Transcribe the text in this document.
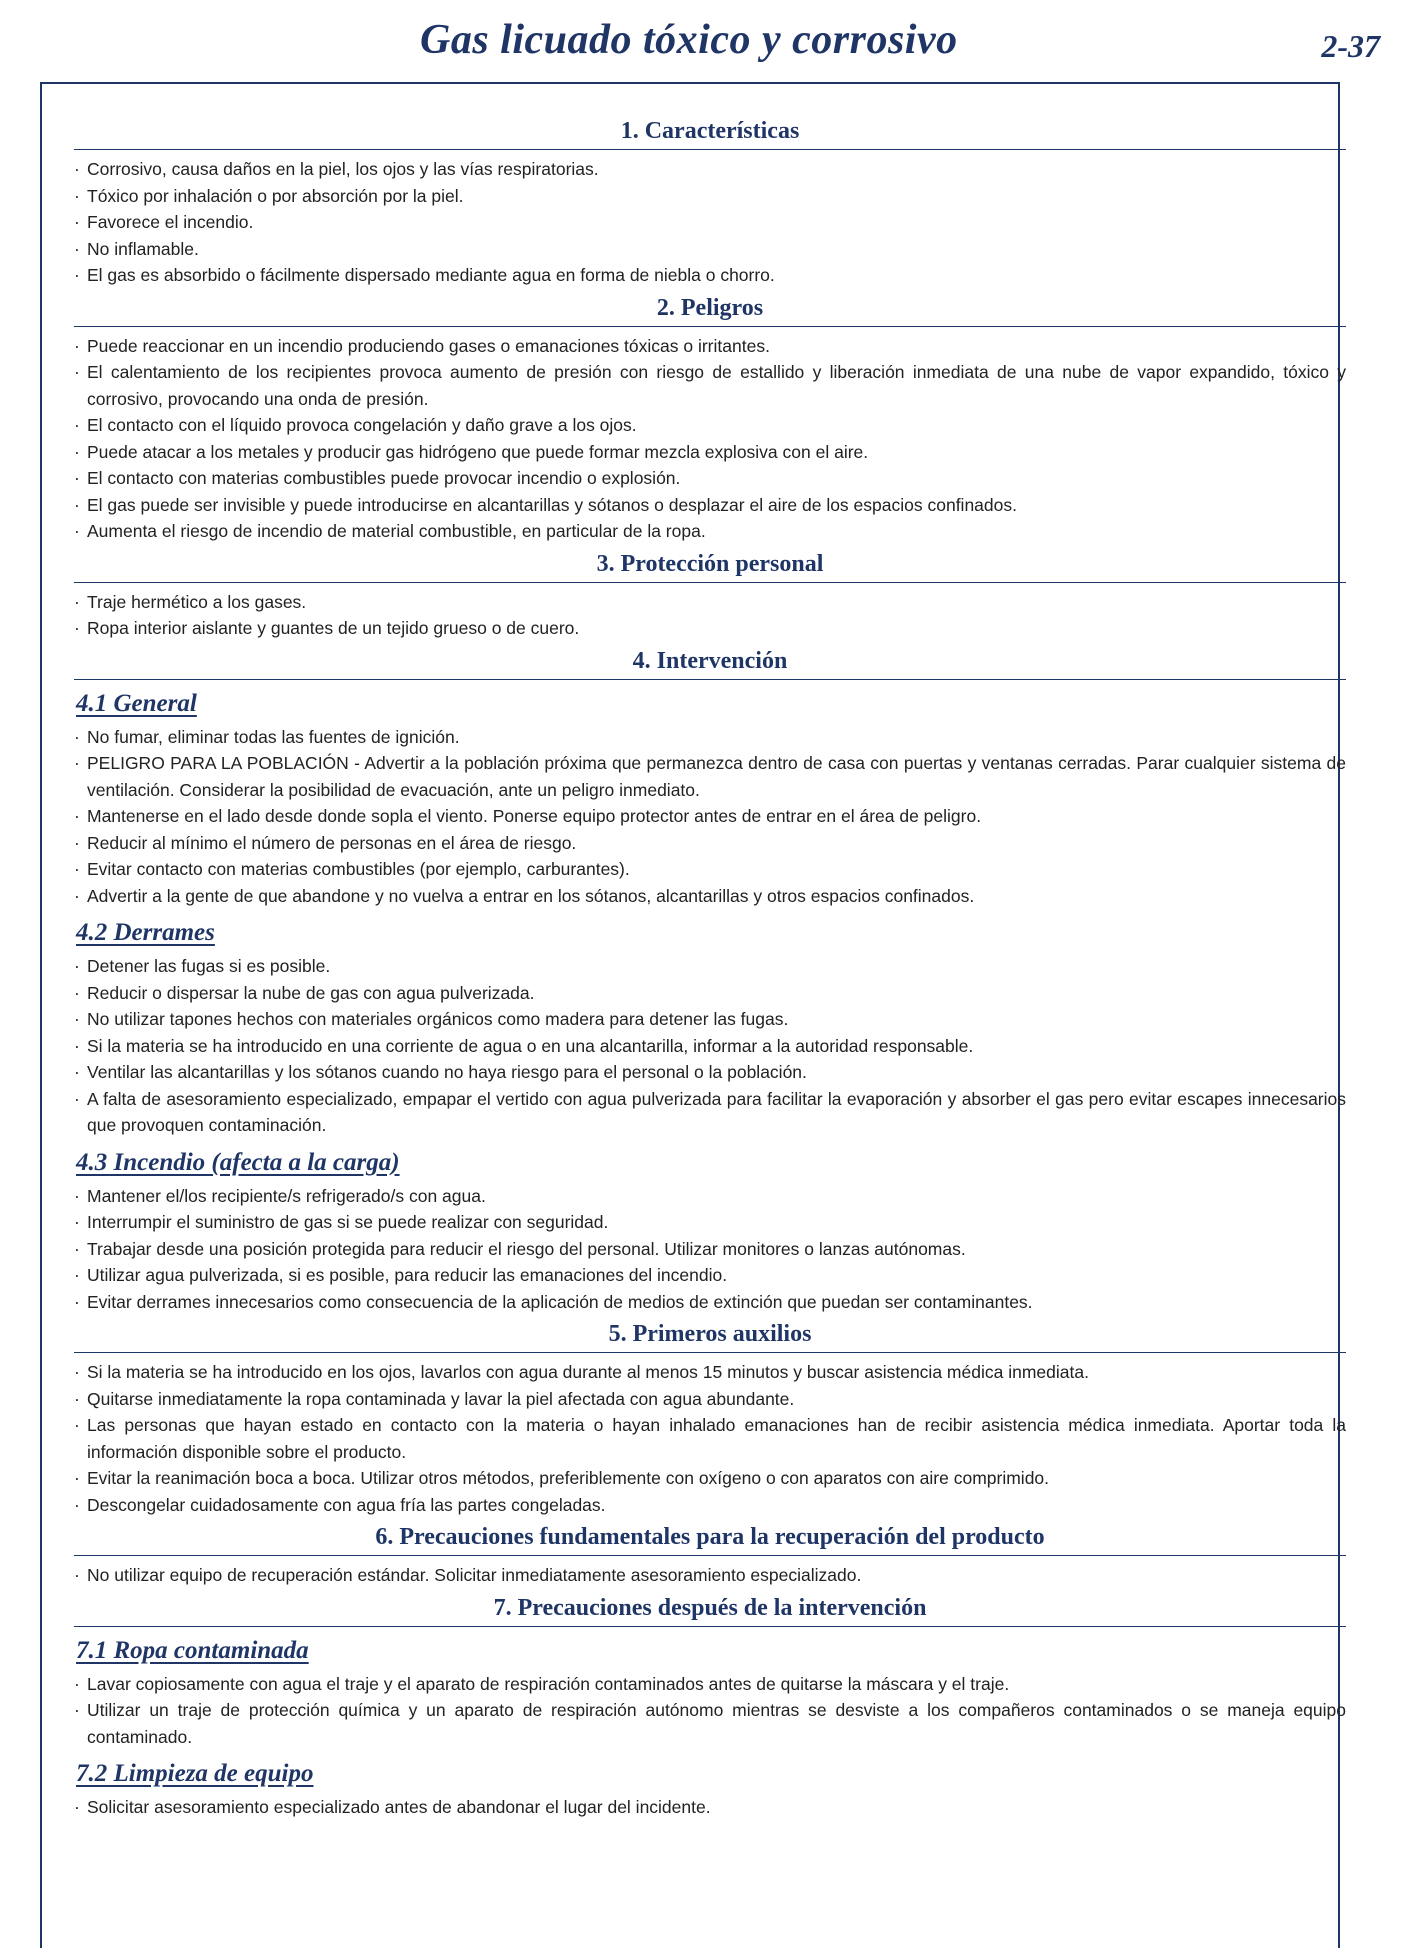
Gas licuado tóxico y corrosivo	2-37
1. Características
· Corrosivo, causa daños en la piel, los ojos y las vías respiratorias.
· Tóxico por inhalación o por absorción por la piel.
· Favorece el incendio.
· No inflamable.
· El gas es absorbido o fácilmente dispersado mediante agua en forma de niebla o chorro.
2. Peligros
· Puede reaccionar en un incendio produciendo gases o emanaciones tóxicas o irritantes.
· El calentamiento de los recipientes provoca aumento de presión con riesgo de estallido y liberación inmediata de una nube de vapor expandido, tóxico y corrosivo, provocando una onda de presión.
· El contacto con el líquido provoca congelación y daño grave a los ojos.
· Puede atacar a los metales y producir gas hidrógeno que puede formar mezcla explosiva con el aire.
· El contacto con materias combustibles puede provocar incendio o explosión.
· El gas puede ser invisible y puede introducirse en alcantarillas y sótanos o desplazar el aire de los espacios confinados.
· Aumenta el riesgo de incendio de material combustible, en particular de la ropa.
3. Protección personal
· Traje hermético a los gases.
· Ropa interior aislante y guantes de un tejido grueso o de cuero.
4. Intervención
4.1 General
· No fumar, eliminar todas las fuentes de ignición.
· PELIGRO PARA LA POBLACIÓN - Advertir a la población próxima que permanezca dentro de casa con puertas y ventanas cerradas. Parar cualquier sistema de ventilación. Considerar la posibilidad de evacuación, ante un peligro inmediato.
· Mantenerse en el lado desde donde sopla el viento. Ponerse equipo protector antes de entrar en el área de peligro.
· Reducir al mínimo el número de personas en el área de riesgo.
· Evitar contacto con materias combustibles (por ejemplo, carburantes).
· Advertir a la gente de que abandone y no vuelva a entrar en los sótanos, alcantarillas y otros espacios confinados.
4.2 Derrames
· Detener las fugas si es posible.
· Reducir o dispersar la nube de gas con agua pulverizada.
· No utilizar tapones hechos con materiales orgánicos como madera para detener las fugas.
· Si la materia se ha introducido en una corriente de agua o en una alcantarilla, informar a la autoridad responsable.
· Ventilar las alcantarillas y los sótanos cuando no haya riesgo para el personal o la población.
· A falta de asesoramiento especializado, empapar el vertido con agua pulverizada para facilitar la evaporación y absorber el gas pero evitar escapes innecesarios que provoquen contaminación.
4.3 Incendio (afecta a la carga)
· Mantener el/los recipiente/s refrigerado/s con agua.
· Interrumpir el suministro de gas si se puede realizar con seguridad.
· Trabajar desde una posición protegida para reducir el riesgo del personal. Utilizar monitores o lanzas autónomas.
· Utilizar agua pulverizada, si es posible, para reducir las emanaciones del incendio.
· Evitar derrames innecesarios como consecuencia de la aplicación de medios de extinción que puedan ser contaminantes.
5. Primeros auxilios
· Si la materia se ha introducido en los ojos, lavarlos con agua durante al menos 15 minutos y buscar asistencia médica inmediata.
· Quitarse inmediatamente la ropa contaminada y lavar la piel afectada con agua abundante.
· Las personas que hayan estado en contacto con la materia o hayan inhalado emanaciones han de recibir asistencia médica inmediata. Aportar toda la información disponible sobre el producto.
· Evitar la reanimación boca a boca. Utilizar otros métodos, preferiblemente con oxígeno o con aparatos con aire comprimido.
· Descongelar cuidadosamente con agua fría las partes congeladas.
6. Precauciones fundamentales para la recuperación del producto
· No utilizar equipo de recuperación estándar. Solicitar inmediatamente asesoramiento especializado.
7. Precauciones después de la intervención
7.1 Ropa contaminada
· Lavar copiosamente con agua el traje y el aparato de respiración contaminados antes de quitarse la máscara y el traje.
· Utilizar un traje de protección química y un aparato de respiración autónomo mientras se desviste a los compañeros contaminados o se maneja equipo contaminado.
7.2 Limpieza de equipo
· Solicitar asesoramiento especializado antes de abandonar el lugar del incidente.
